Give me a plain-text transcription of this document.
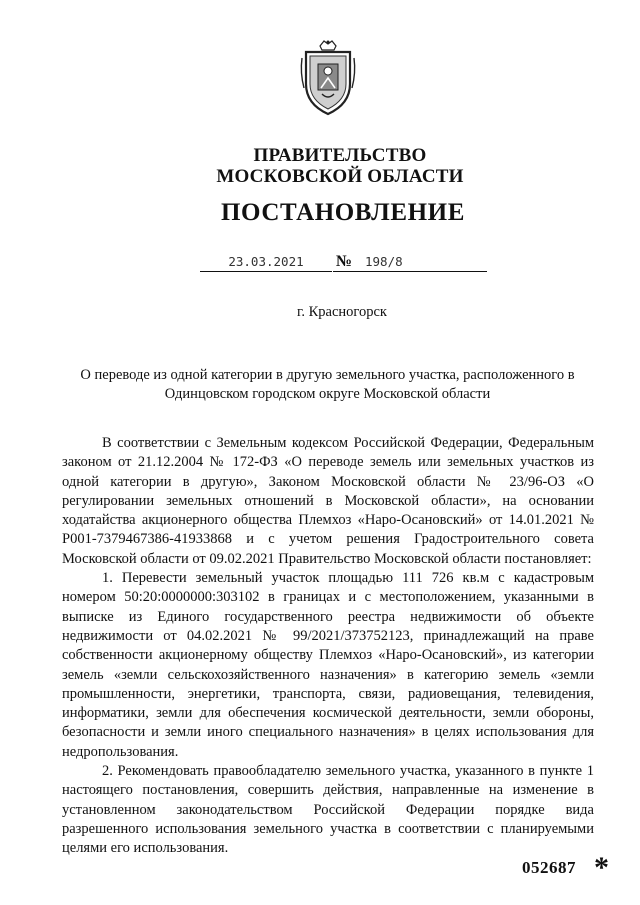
ПРАВИТЕЛЬСТВО
МОСКОВСКОЙ ОБЛАСТИ
ПОСТАНОВЛЕНИЕ
23.03.2021	№	198/8
г. Красногорск
О переводе из одной категории в другую земельного участка, расположенного в Одинцовском городском округе Московской области

В соответствии с Земельным кодексом Российской Федерации, Федеральным законом от 21.12.2004 № 172-ФЗ «О переводе земель или земельных участков из одной категории в другую», Законом Московской области № 23/96-ОЗ «О регулировании земельных отношений в Московской области», на основании ходатайства акционерного общества Племхоз «Наро-Осановский» от 14.01.2021 № Р001-7379467386-41933868 и с учетом решения Градостроительного совета Московской области от 09.02.2021 Правительство Московской области постановляет:

1. Перевести земельный участок площадью 111 726 кв.м с кадастровым номером 50:20:0000000:303102 в границах и с местоположением, указанными в выписке из Единого государственного реестра недвижимости об объекте недвижимости от 04.02.2021 № 99/2021/373752123, принадлежащий на праве собственности акционерному обществу Племхоз «Наро-Осановский», из категории земель «земли сельскохозяйственного назначения» в категорию земель «земли промышленности, энергетики, транспорта, связи, радиовещания, телевидения, информатики, земли для обеспечения космической деятельности, земли обороны, безопасности и земли иного специального назначения» в целях использования для недропользования.

2. Рекомендовать правообладателю земельного участка, указанного в пункте 1 настоящего постановления, совершить действия, направленные на изменение в установленном законодательством Российской Федерации порядке вида разрешенного использования земельного участка в соответствии с планируемыми целями его использования.

052687 *
